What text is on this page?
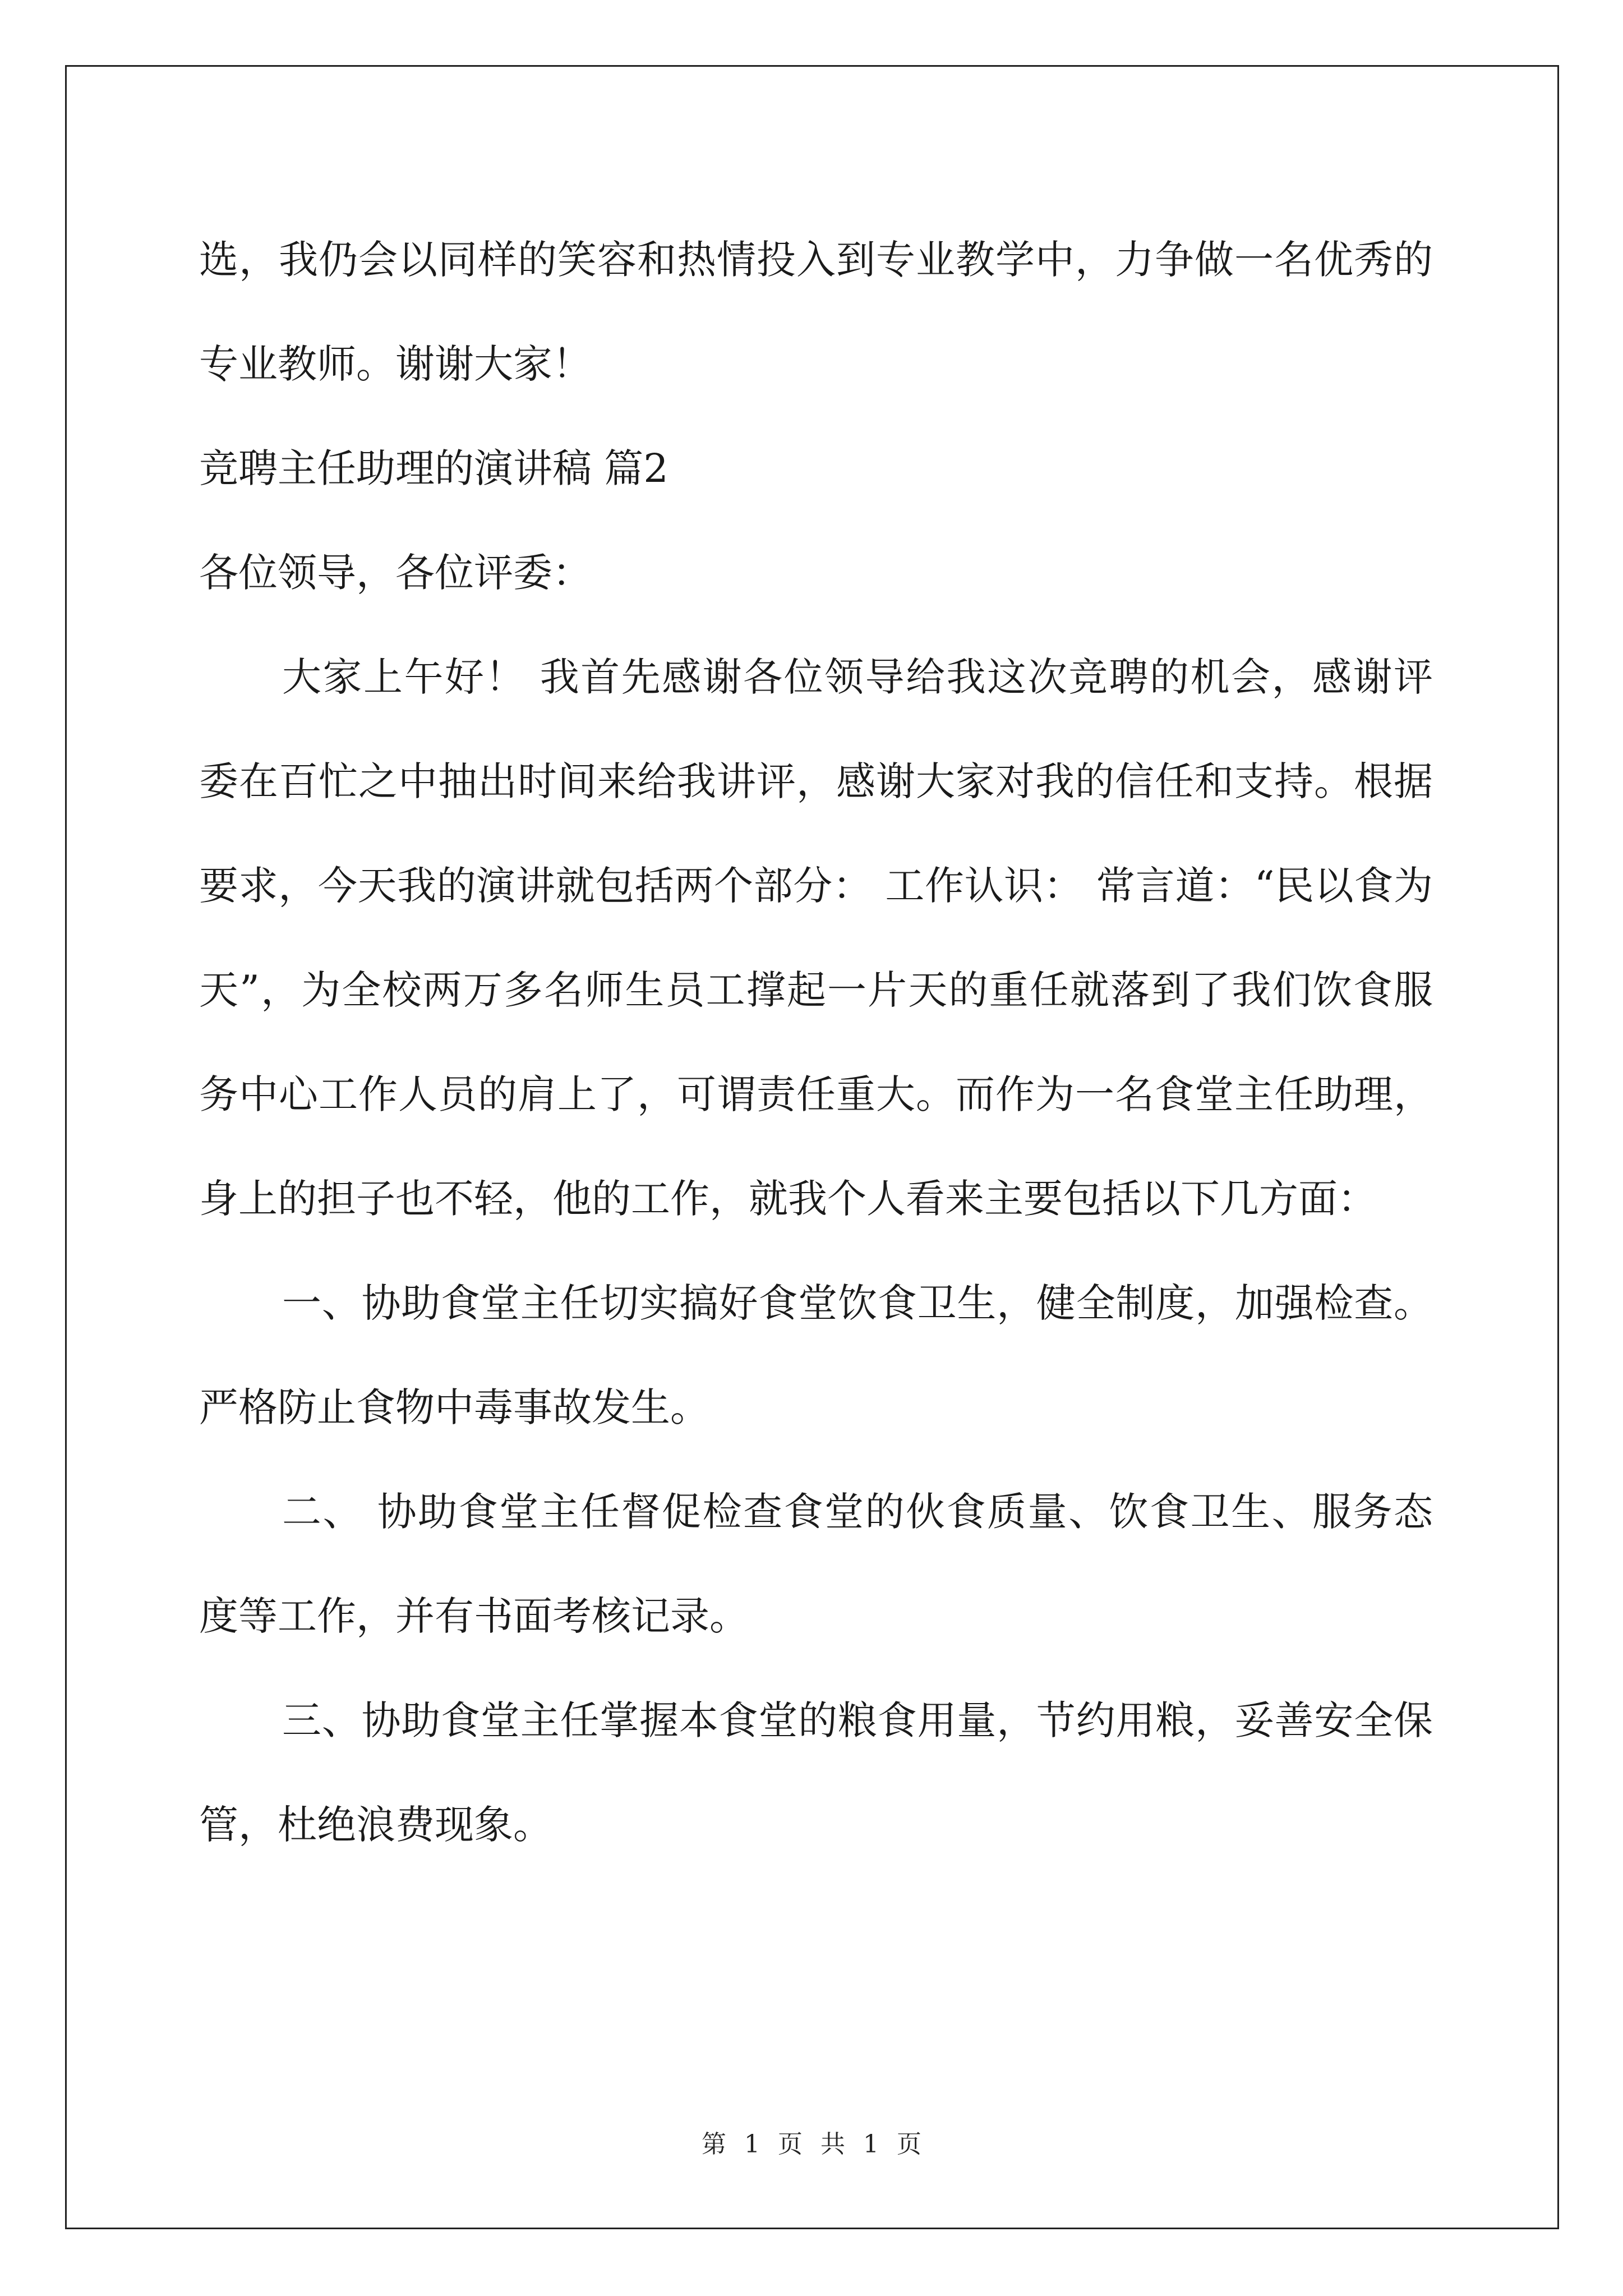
选，我仍会以同样的笑容和热情投入到专业教学中，力争做一名优秀的专业教师。谢谢大家！

竞聘主任助理的演讲稿 篇2

各位领导，各位评委：

大家上午好！ 我首先感谢各位领导给我这次竞聘的机会，感谢评委在百忙之中抽出时间来给我讲评，感谢大家对我的信任和支持。根据要求，今天我的演讲就包括两个部分： 工作认识： 常言道：“民以食为天”，为全校两万多名师生员工撑起一片天的重任就落到了我们饮食服务中心工作人员的肩上了，可谓责任重大。而作为一名食堂主任助理，身上的担子也不轻，他的工作，就我个人看来主要包括以下几方面：

一、协助食堂主任切实搞好食堂饮食卫生，健全制度，加强检查。严格防止食物中毒事故发生。

二、 协助食堂主任督促检查食堂的伙食质量、饮食卫生、服务态度等工作，并有书面考核记录。

三、协助食堂主任掌握本食堂的粮食用量，节约用粮，妥善安全保管，杜绝浪费现象。

第 1 页 共 1 页
